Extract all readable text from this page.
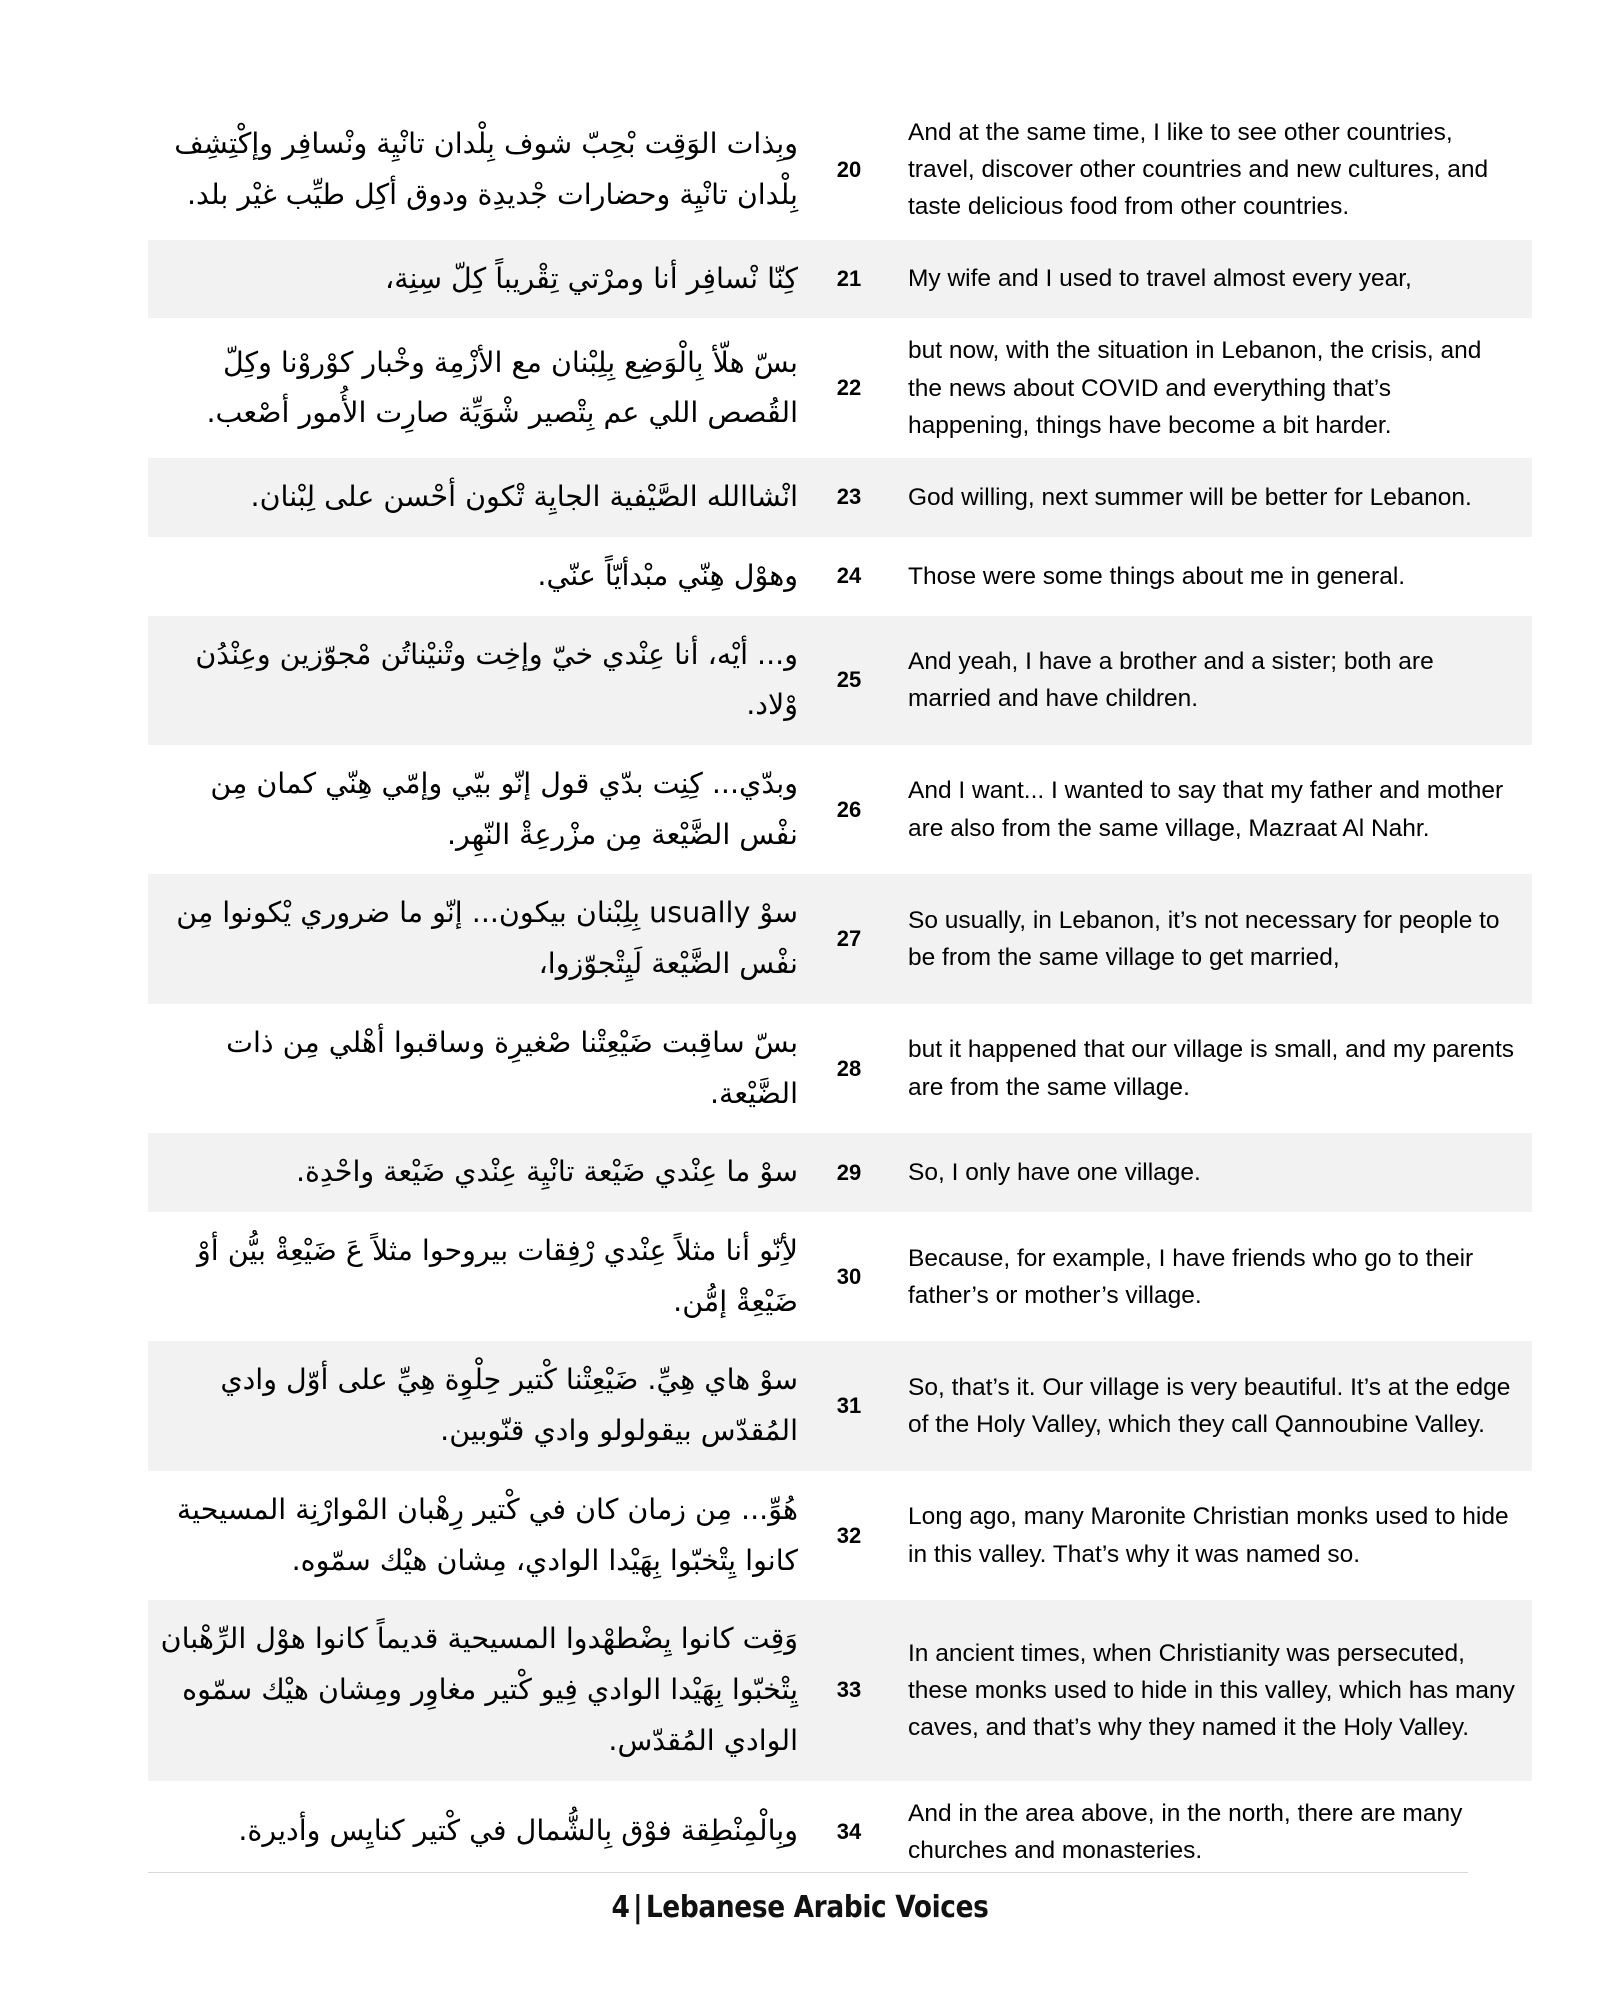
وبِذات الوَقِت بْحِبّ شوف بِلْدان تانْيِة ونْسافِر وإكْتِشِف بِلْدان تانْيِة وحضارات جْديدِة ودوق أكِل طيِّب غيْر بلد.	20	And at the same time, I like to see other countries, travel, discover other countries and new cultures, and taste delicious food from other countries.
كِنّا نْسافِر أنا ومرْتي تِقْريباً كِلّ سِنِة،	21	My wife and I used to travel almost every year,
بسّ هلّأ بِالْوَضِع بِلِبْنان مع الأزْمِة وخْبار كوْروْنا وكِلّ القُصص اللي عم بِتْصير شْوَيِّة صارِت الأُمور أصْعب.	22	but now, with the situation in Lebanon, the crisis, and the news about COVID and everything that’s happening, things have become a bit harder.
انْشاالله الصَّيْفية الجايِة تْكون أحْسن على لِبْنان.	23	God willing, next summer will be better for Lebanon.
وهوْل هِنّي مبْدأيّاً عنّي.	24	Those were some things about me in general.
و... أيْه، أنا عِنْدي خيّ وإخِت وتْنيْناتُن مْجوّزين وعِنْدُن وْلاد.	25	And yeah, I have a brother and a sister; both are married and have children.
وبدّي... كِنِت بدّي قول إنّو بيّي وإمّي هِنّي كمان مِن نفْس الضَّيْعة مِن مزْرعِةْ النّهِر.	26	And I want... I wanted to say that my father and mother are also from the same village, Mazraat Al Nahr.
سوْ usually بِلِبْنان بيكون... إنّو ما ضروري يْكونوا مِن نفْس الضَّيْعة لَيِتْجوّزوا،	27	So usually, in Lebanon, it’s not necessary for people to be from the same village to get married,
بسّ ساقِبت ضَيْعِتْنا صْغيرِة وساقبوا أهْلي مِن ذات الضَّيْعة.	28	but it happened that our village is small, and my parents are from the same village.
سوْ ما عِنْدي ضَيْعة تانْيِة عِنْدي ضَيْعة واحْدِة.	29	So, I only have one village.
لأِنّو أنا مثلاً عِنْدي رْفِقات بيروحوا مثلاً عَ ضَيْعِةْ بيُّن أوْ ضَيْعِةْ إمُّن.	30	Because, for example, I have friends who go to their father’s or mother’s village.
سوْ هاي هِيِّ. ضَيْعِتْنا كْتير حِلْوِة هِيِّ على أوّل وادي المُقدّس بيقولولو وادي قنّوبين.	31	So, that’s it. Our village is very beautiful. It’s at the edge of the Holy Valley, which they call Qannoubine Valley.
هُوِّ... مِن زمان كان في كْتير رِهْبان المْوارْنِة المسيحية كانوا يِتْخبّوا بِهَيْدا الوادي، مِشان هيْك سمّوه.	32	Long ago, many Maronite Christian monks used to hide in this valley. That’s why it was named so.
وَقِت كانوا يِضْطهْدوا المسيحية قديماً كانوا هوْل الرِّهْبان يِتْخبّوا بِهَيْدا الوادي فِيو كْتير مغاوِر ومِشان هيْك سمّوه الوادي المُقدّس.	33	In ancient times, when Christianity was persecuted, these monks used to hide in this valley, which has many caves, and that’s why they named it the Holy Valley.
وبِالْمِنْطِقة فوْق بِالشُّمال في كْتير كنايِس وأديرة.	34	And in the area above, in the north, there are many churches and monasteries.
4 | Lebanese Arabic Voices
